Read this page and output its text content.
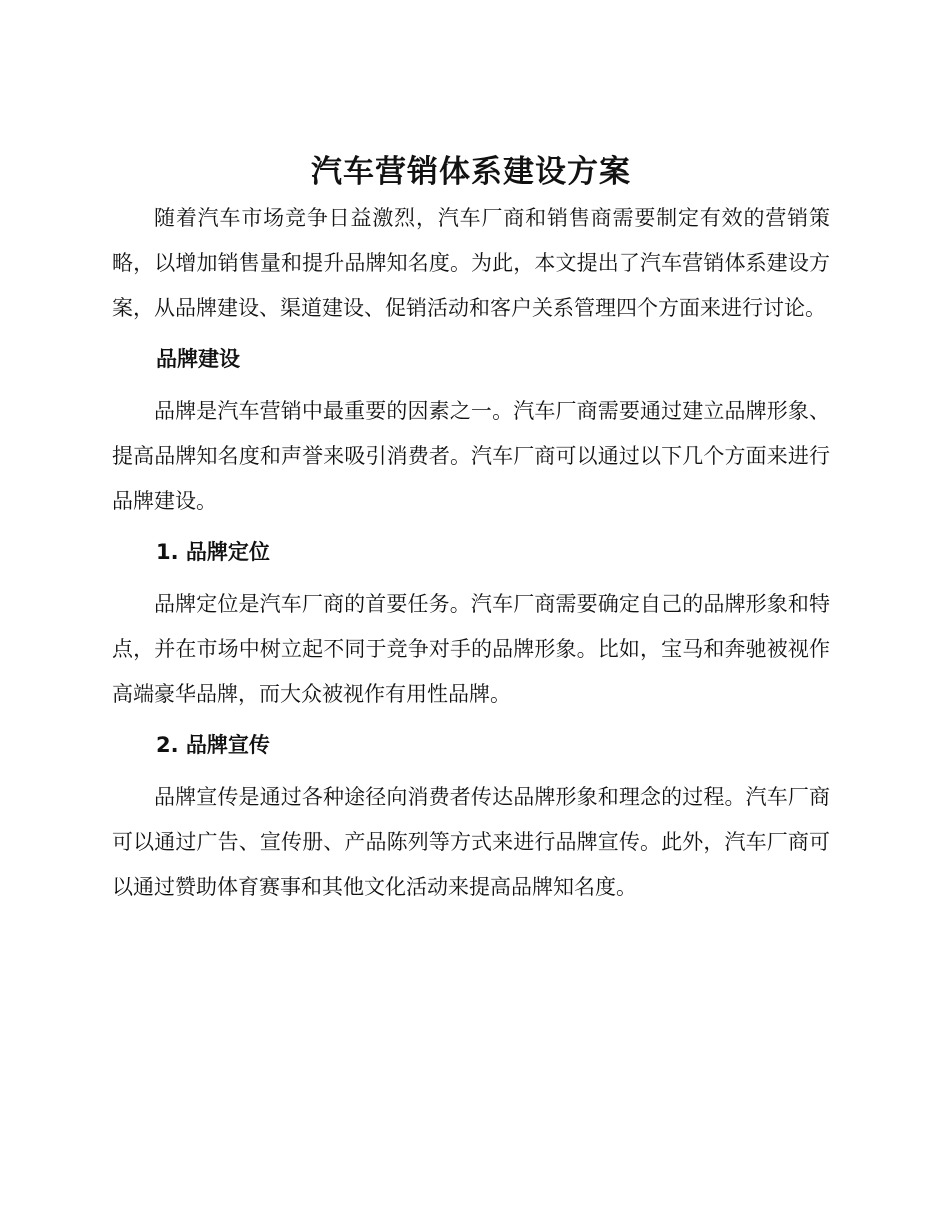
汽车营销体系建设方案

随着汽车市场竞争日益激烈，汽车厂商和销售商需要制定有效的营销策略，以增加销售量和提升品牌知名度。为此，本文提出了汽车营销体系建设方案，从品牌建设、渠道建设、促销活动和客户关系管理四个方面来进行讨论。

品牌建设

品牌是汽车营销中最重要的因素之一。汽车厂商需要通过建立品牌形象、提高品牌知名度和声誉来吸引消费者。汽车厂商可以通过以下几个方面来进行品牌建设。

1. 品牌定位

品牌定位是汽车厂商的首要任务。汽车厂商需要确定自己的品牌形象和特点，并在市场中树立起不同于竞争对手的品牌形象。比如，宝马和奔驰被视作高端豪华品牌，而大众被视作有用性品牌。

2. 品牌宣传

品牌宣传是通过各种途径向消费者传达品牌形象和理念的过程。汽车厂商可以通过广告、宣传册、产品陈列等方式来进行品牌宣传。此外，汽车厂商可以通过赞助体育赛事和其他文化活动来提高品牌知名度。
